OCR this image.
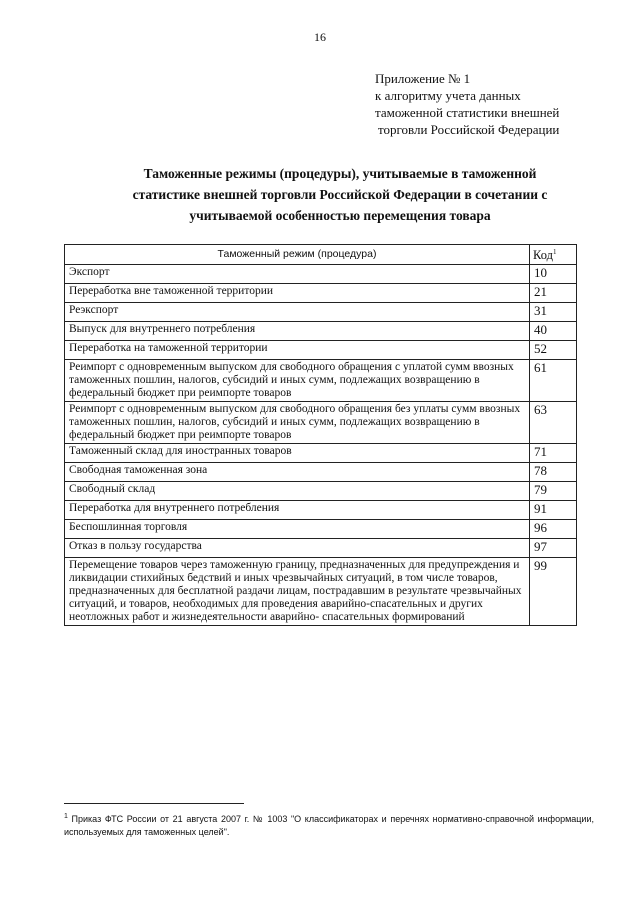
16
Приложение № 1
к алгоритму учета данных
таможенной статистики внешней
торговли Российской Федерации
Таможенные режимы (процедуры), учитываемые в таможенной
статистике внешней торговли Российской Федерации в сочетании с
учитываемой особенностью перемещения товара
Таможенный режим (процедура)	Код$^1$
Экспорт	10
Переработка вне таможенной территории	21
Реэкспорт	31
Выпуск для внутреннего потребления	40
Переработка на таможенной территории	52
Реимпорт с одновременным выпуском для свободного обращения с уплатой сумм ввозных таможенных пошлин, налогов, субсидий и иных сумм, подлежащих возвращению в федеральный бюджет при реимпорте товаров	61
Реимпорт с одновременным выпуском для свободного обращения без уплаты сумм ввозных таможенных пошлин, налогов, субсидий и иных сумм, подлежащих возвращению в федеральный бюджет при реимпорте товаров	63
Таможенный склад для иностранных товаров	71
Свободная таможенная зона	78
Свободный склад	79
Переработка для внутреннего потребления	91
Беспошлинная торговля	96
Отказ в пользу государства	97
Перемещение товаров через таможенную границу, предназначенных для предупреждения и ликвидации стихийных бедствий и иных чрезвычайных ситуаций, в том числе товаров, предназначенных для бесплатной раздачи лицам, пострадавшим в результате чрезвычайных ситуаций, и товаров, необходимых для проведения аварийно-спасательных и других неотложных работ и жизнедеятельности аварийно- спасательных формирований	99
$^1$ Приказ ФТС России от 21 августа 2007 г. № 1003 "О классификаторах и перечнях нормативно-справочной информации, используемых для таможенных целей".
